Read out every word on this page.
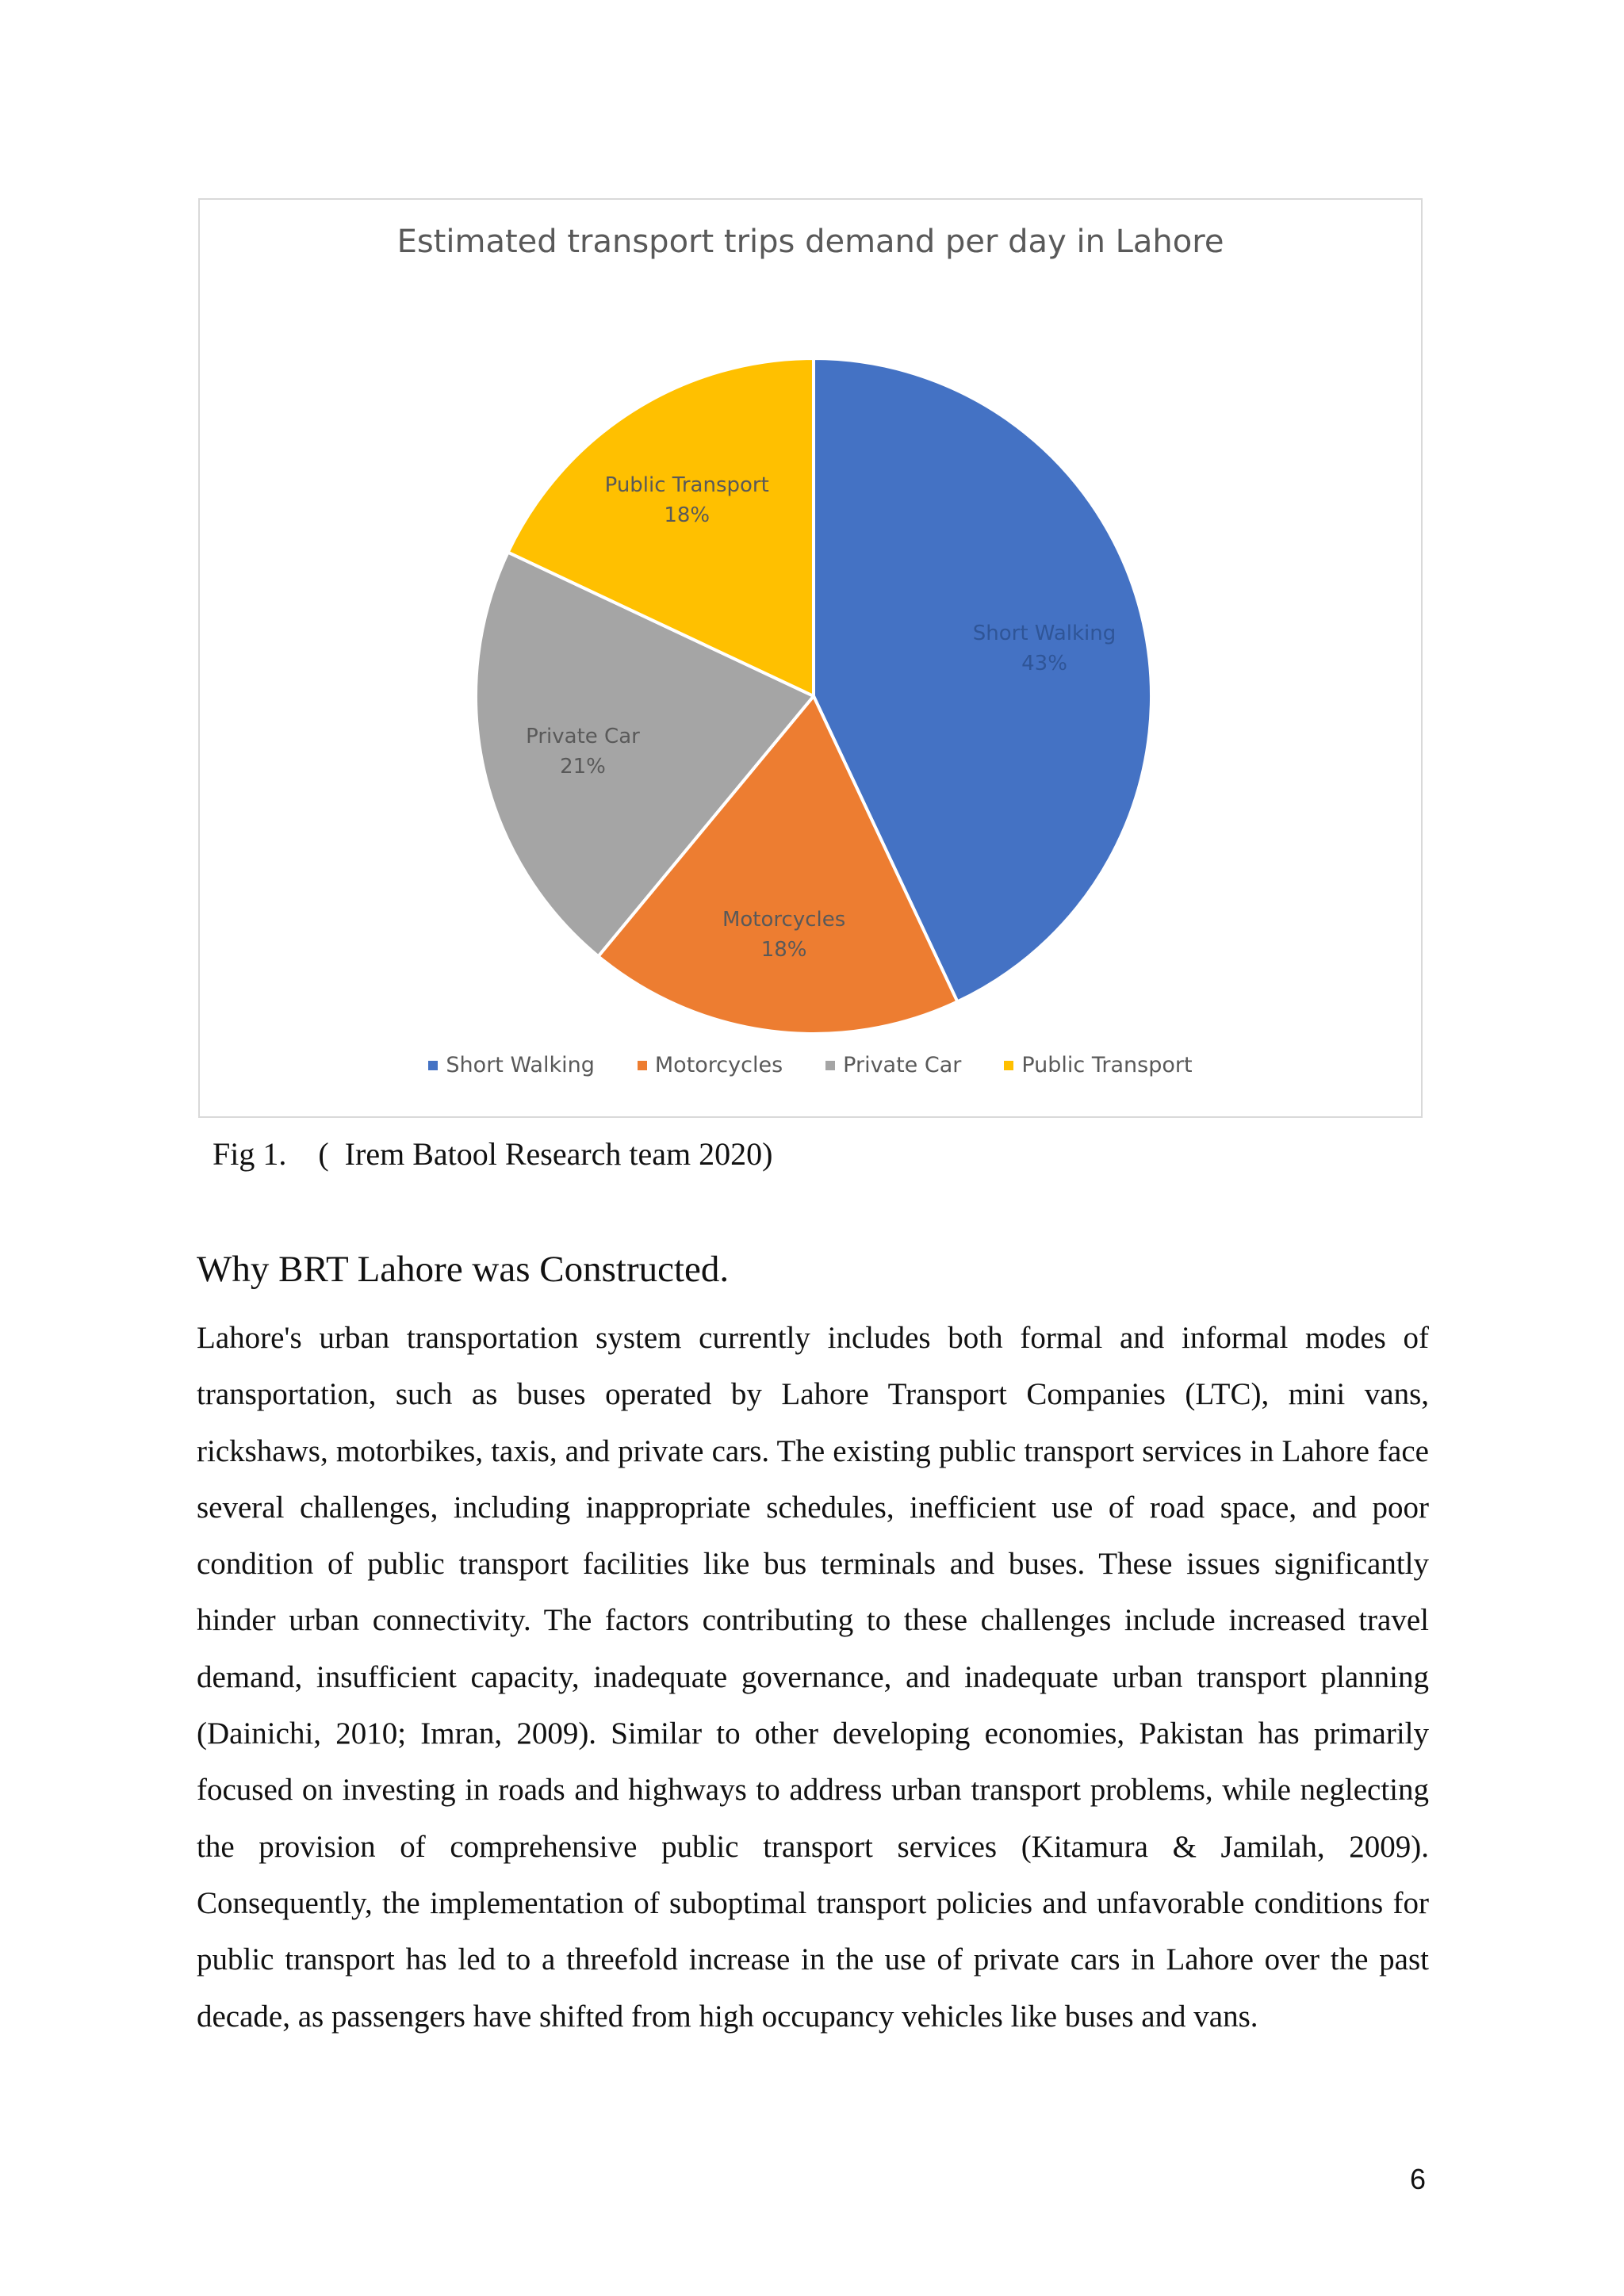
Estimated transport trips demand per day in Lahore
Short Walking
43%
Motorcycles
18%
Private Car
21%
Public Transport
18%
Short Walking	Motorcycles	Private Car	Public Transport
Fig 1.    (  Irem Batool Research team 2020)
Why BRT Lahore was Constructed.

Lahore's urban transportation system currently includes both formal and informal modes of transportation, such as buses operated by Lahore Transport Companies (LTC), mini vans, rickshaws, motorbikes, taxis, and private cars. The existing public transport services in Lahore face several challenges, including inappropriate schedules, inefficient use of road space, and poor condition of public transport facilities like bus terminals and buses. These issues significantly hinder urban connectivity. The factors contributing to these challenges include increased travel demand, insufficient capacity, inadequate governance, and inadequate urban transport planning (Dainichi, 2010; Imran, 2009). Similar to other developing economies, Pakistan has primarily focused on investing in roads and highways to address urban transport problems, while neglecting the provision of comprehensive public transport services (Kitamura & Jamilah, 2009). Consequently, the implementation of suboptimal transport policies and unfavorable conditions for public transport has led to a threefold increase in the use of private cars in Lahore over the past decade, as passengers have shifted from high occupancy vehicles like buses and vans.

6
